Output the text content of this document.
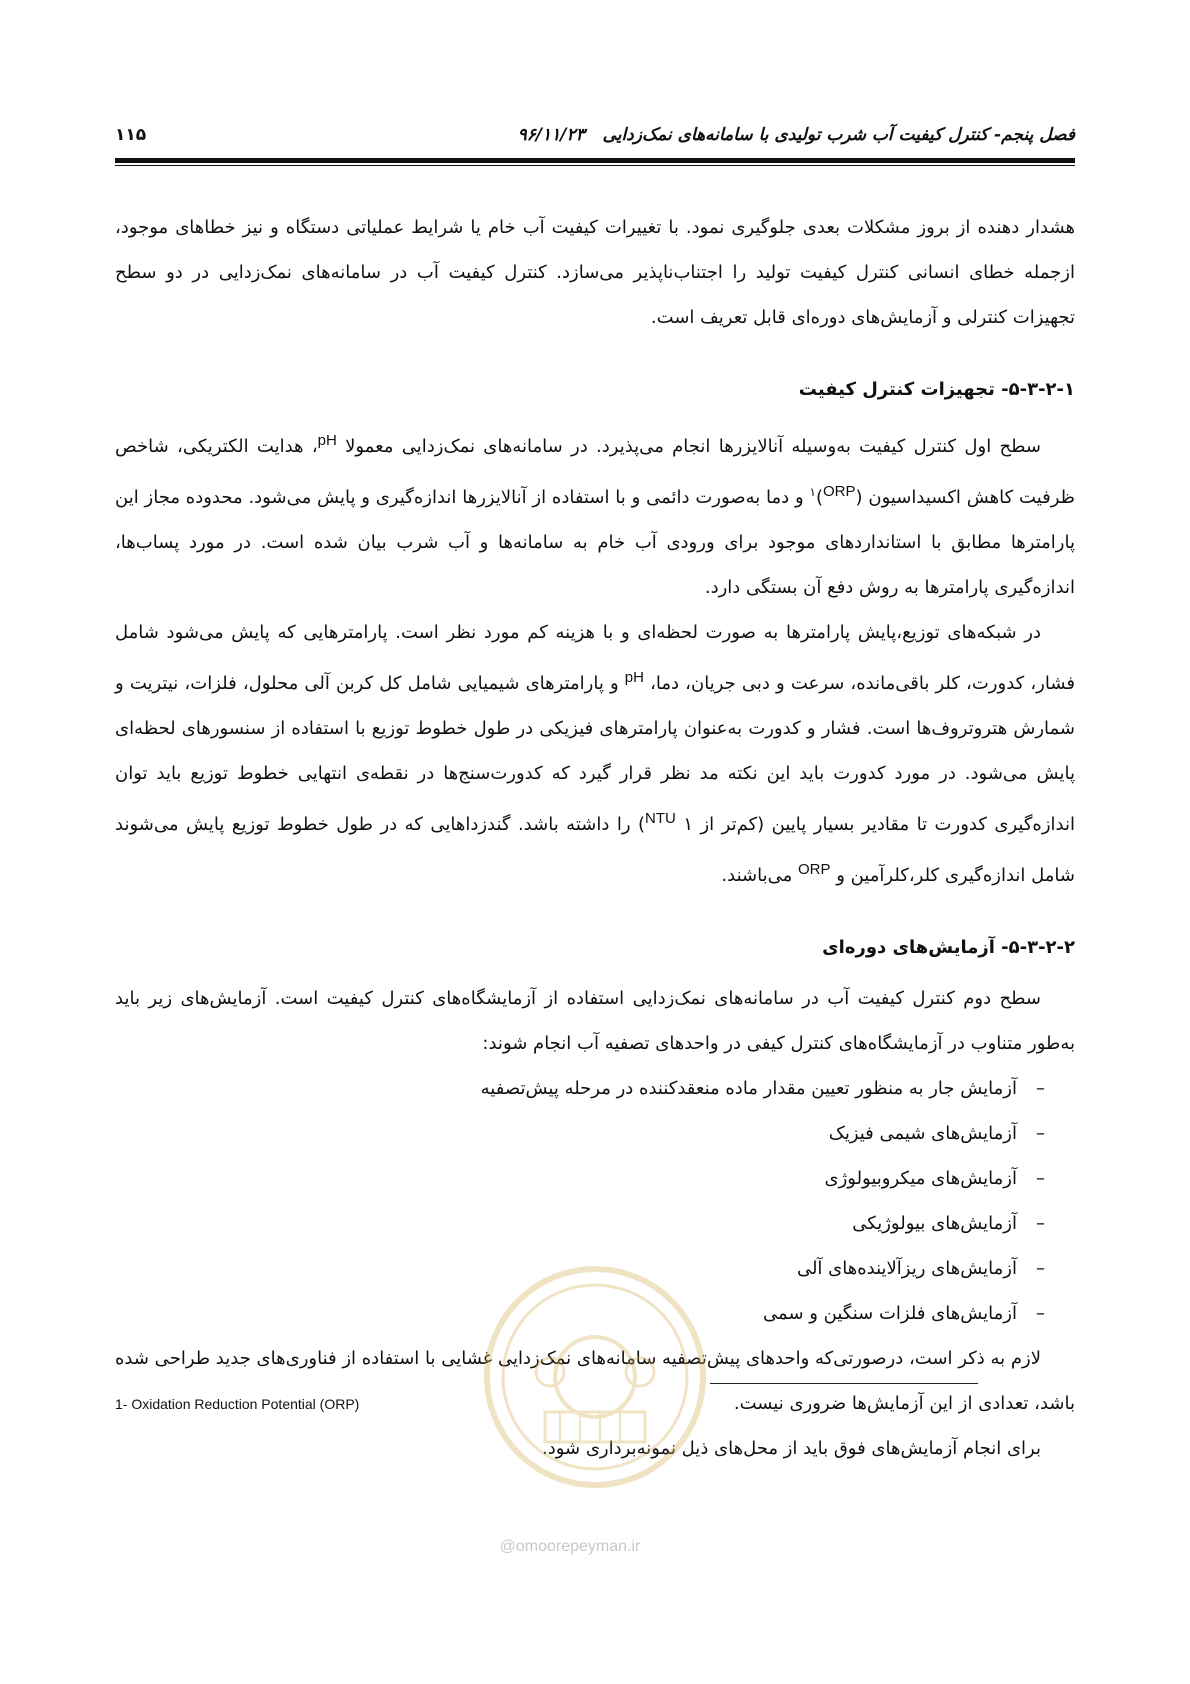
فصل پنجم- کنترل کیفیت آب شرب تولیدی با سامانه‌های نمک‌زدایی   ۹۶/۱۱/۲۳
۱۱۵

هشدار دهنده از بروز مشکلات بعدی جلوگیری نمود. با تغییرات کیفیت آب خام یا شرایط عملیاتی دستگاه و نیز خطاهای موجود، ازجمله خطای انسانی کنترل کیفیت تولید را اجتناب‌ناپذیر می‌سازد. کنترل کیفیت آب در سامانه‌های نمک‌زدایی در دو سطح تجهیزات کنترلی و آزمایش‌های دوره‌ای قابل تعریف است.

۵-۳-۲-۱- تجهیزات کنترل کیفیت

سطح اول کنترل کیفیت به‌وسیله آنالایزرها انجام می‌پذیرد. در سامانه‌های نمک‌زدایی معمولا $^{pH}$، هدایت الکتریکی، شاخص ظرفیت کاهش اکسیداسیون $(^{ORP})^۱$ و دما به‌صورت دائمی و با استفاده از آنالایزرها اندازه‌گیری و پایش می‌شود. محدوده مجاز این پارامترها مطابق با استانداردهای موجود برای ورودی آب خام به سامانه‌ها و آب شرب بیان شده است. در مورد پساب‌ها، اندازه‌گیری پارامترها به روش دفع آن بستگی دارد.

در شبکه‌های توزیع،پایش پارامترها به صورت لحظه‌ای و با هزینه کم مورد نظر است. پارامترهایی که پایش می‌شود شامل فشار، کدورت، کلر باقی‌مانده، سرعت و دبی جریان، دما، $^{pH}$ و پارامترهای شیمیایی شامل کل کربن آلی محلول، فلزات، نیتریت و شمارش هتروتروف‌ها است. فشار و کدورت به‌عنوان پارامترهای فیزیکی در طول خطوط توزیع با استفاده از سنسورهای لحظه‌ای پایش می‌شود. در مورد کدورت باید این نکته مد نظر قرار گیرد که کدورت‌سنج‌ها در نقطه‌ی انتهایی خطوط توزیع باید توان اندازه‌گیری کدورت تا مقادیر بسیار پایین (کم‌تر از ۱ $^{NTU}$) را داشته باشد. گندزداهایی که در طول خطوط توزیع پایش می‌شوند شامل اندازه‌گیری کلر،کلرآمین و $^{ORP}$ می‌باشند.

۵-۳-۲-۲- آزمایش‌های دوره‌ای

سطح دوم کنترل کیفیت آب در سامانه‌های نمک‌زدایی استفاده از آزمایشگاه‌های کنترل کیفیت است. آزمایش‌های زیر باید به‌طور متناوب در آزمایشگاه‌های کنترل کیفی در واحدهای تصفیه آب انجام شوند:

–آزمایش جار به منظور تعیین مقدار ماده منعقدکننده در مرحله پیش‌تصفیه
–آزمایش‌های شیمی فیزیک
–آزمایش‌های میکروبیولوژی
–آزمایش‌های بیولوژیکی
–آزمایش‌های ریزآلاینده‌های آلی
–آزمایش‌های فلزات سنگین و سمی

لازم به ذکر است، درصورتی‌که واحدهای پیش‌تصفیه سامانه‌های نمک‌زدایی غشایی با استفاده از فناوری‌های جدید طراحی شده باشد، تعدادی از این آزمایش‌ها ضروری نیست.

برای انجام آزمایش‌های فوق باید از محل‌های ذیل نمونه‌برداری شود.

1- Oxidation Reduction Potential (ORP)
@omoorepeyman.ir
